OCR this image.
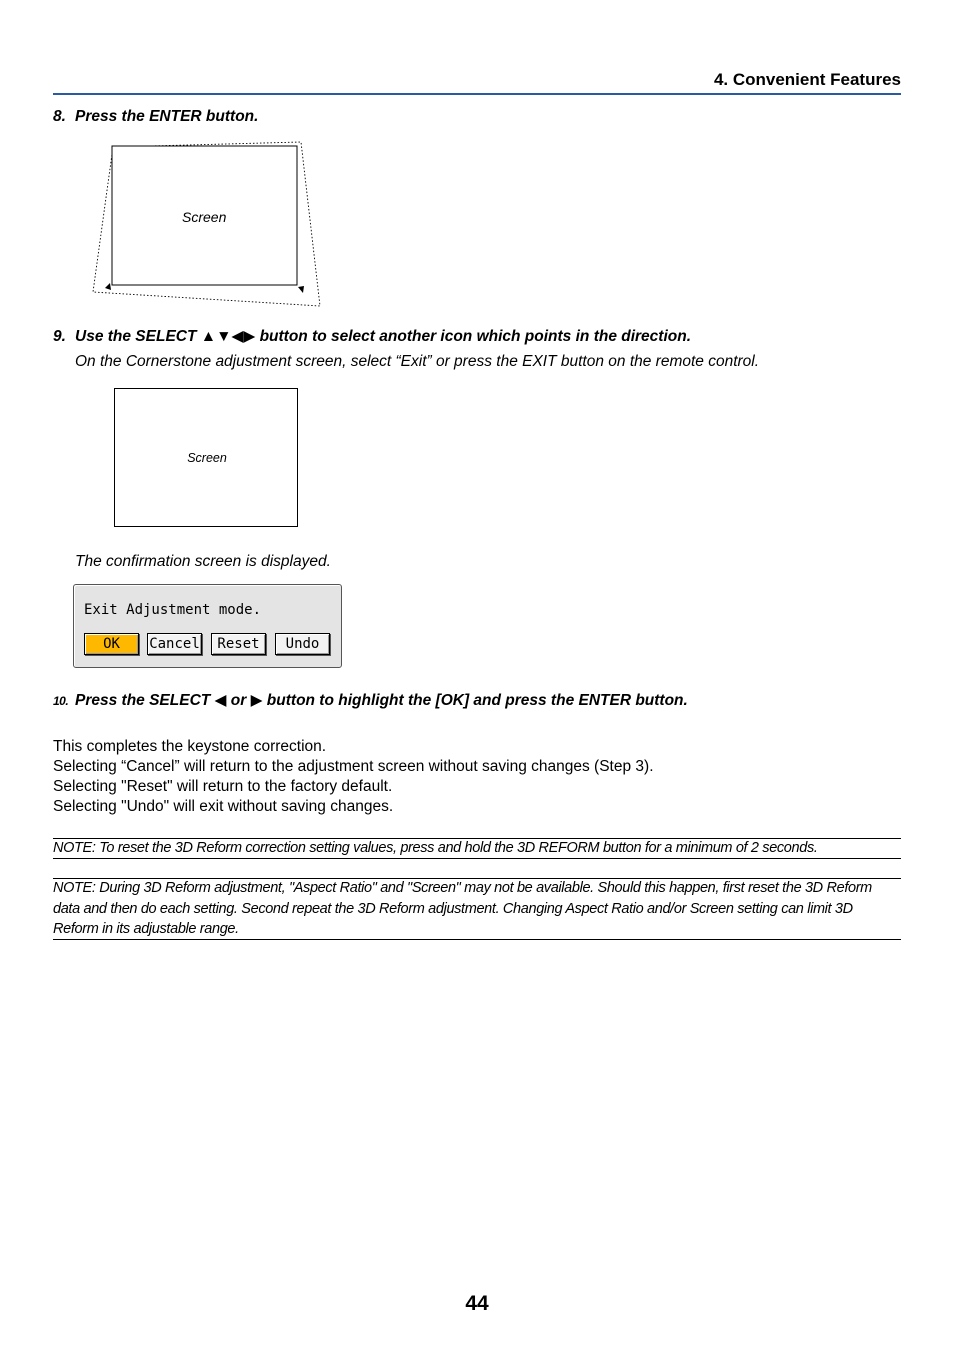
4. Convenient Features
8. Press the ENTER button.
Screen
9. Use the SELECT ▲▼◀▶ button to select another icon which points in the direction.
On the Cornerstone adjustment screen, select “Exit” or press the EXIT button on the remote control.
Screen
The confirmation screen is displayed.
Exit Adjustment mode.
OK	Cancel	Reset	Undo
10. Press the SELECT ◀ or ▶ button to highlight the [OK] and press the ENTER button.
This completes the keystone correction.
Selecting “Cancel” will return to the adjustment screen without saving changes (Step 3).
Selecting "Reset" will return to the factory default.
Selecting "Undo" will exit without saving changes.
NOTE: To reset the 3D Reform correction setting values, press and hold the 3D REFORM button for a minimum of 2 seconds.
NOTE: During 3D Reform adjustment, "Aspect Ratio" and "Screen" may not be available. Should this happen, first reset the 3D Reform data and then do each setting. Second repeat the 3D Reform adjustment. Changing Aspect Ratio and/or Screen setting can limit 3D Reform in its adjustable range.
44
